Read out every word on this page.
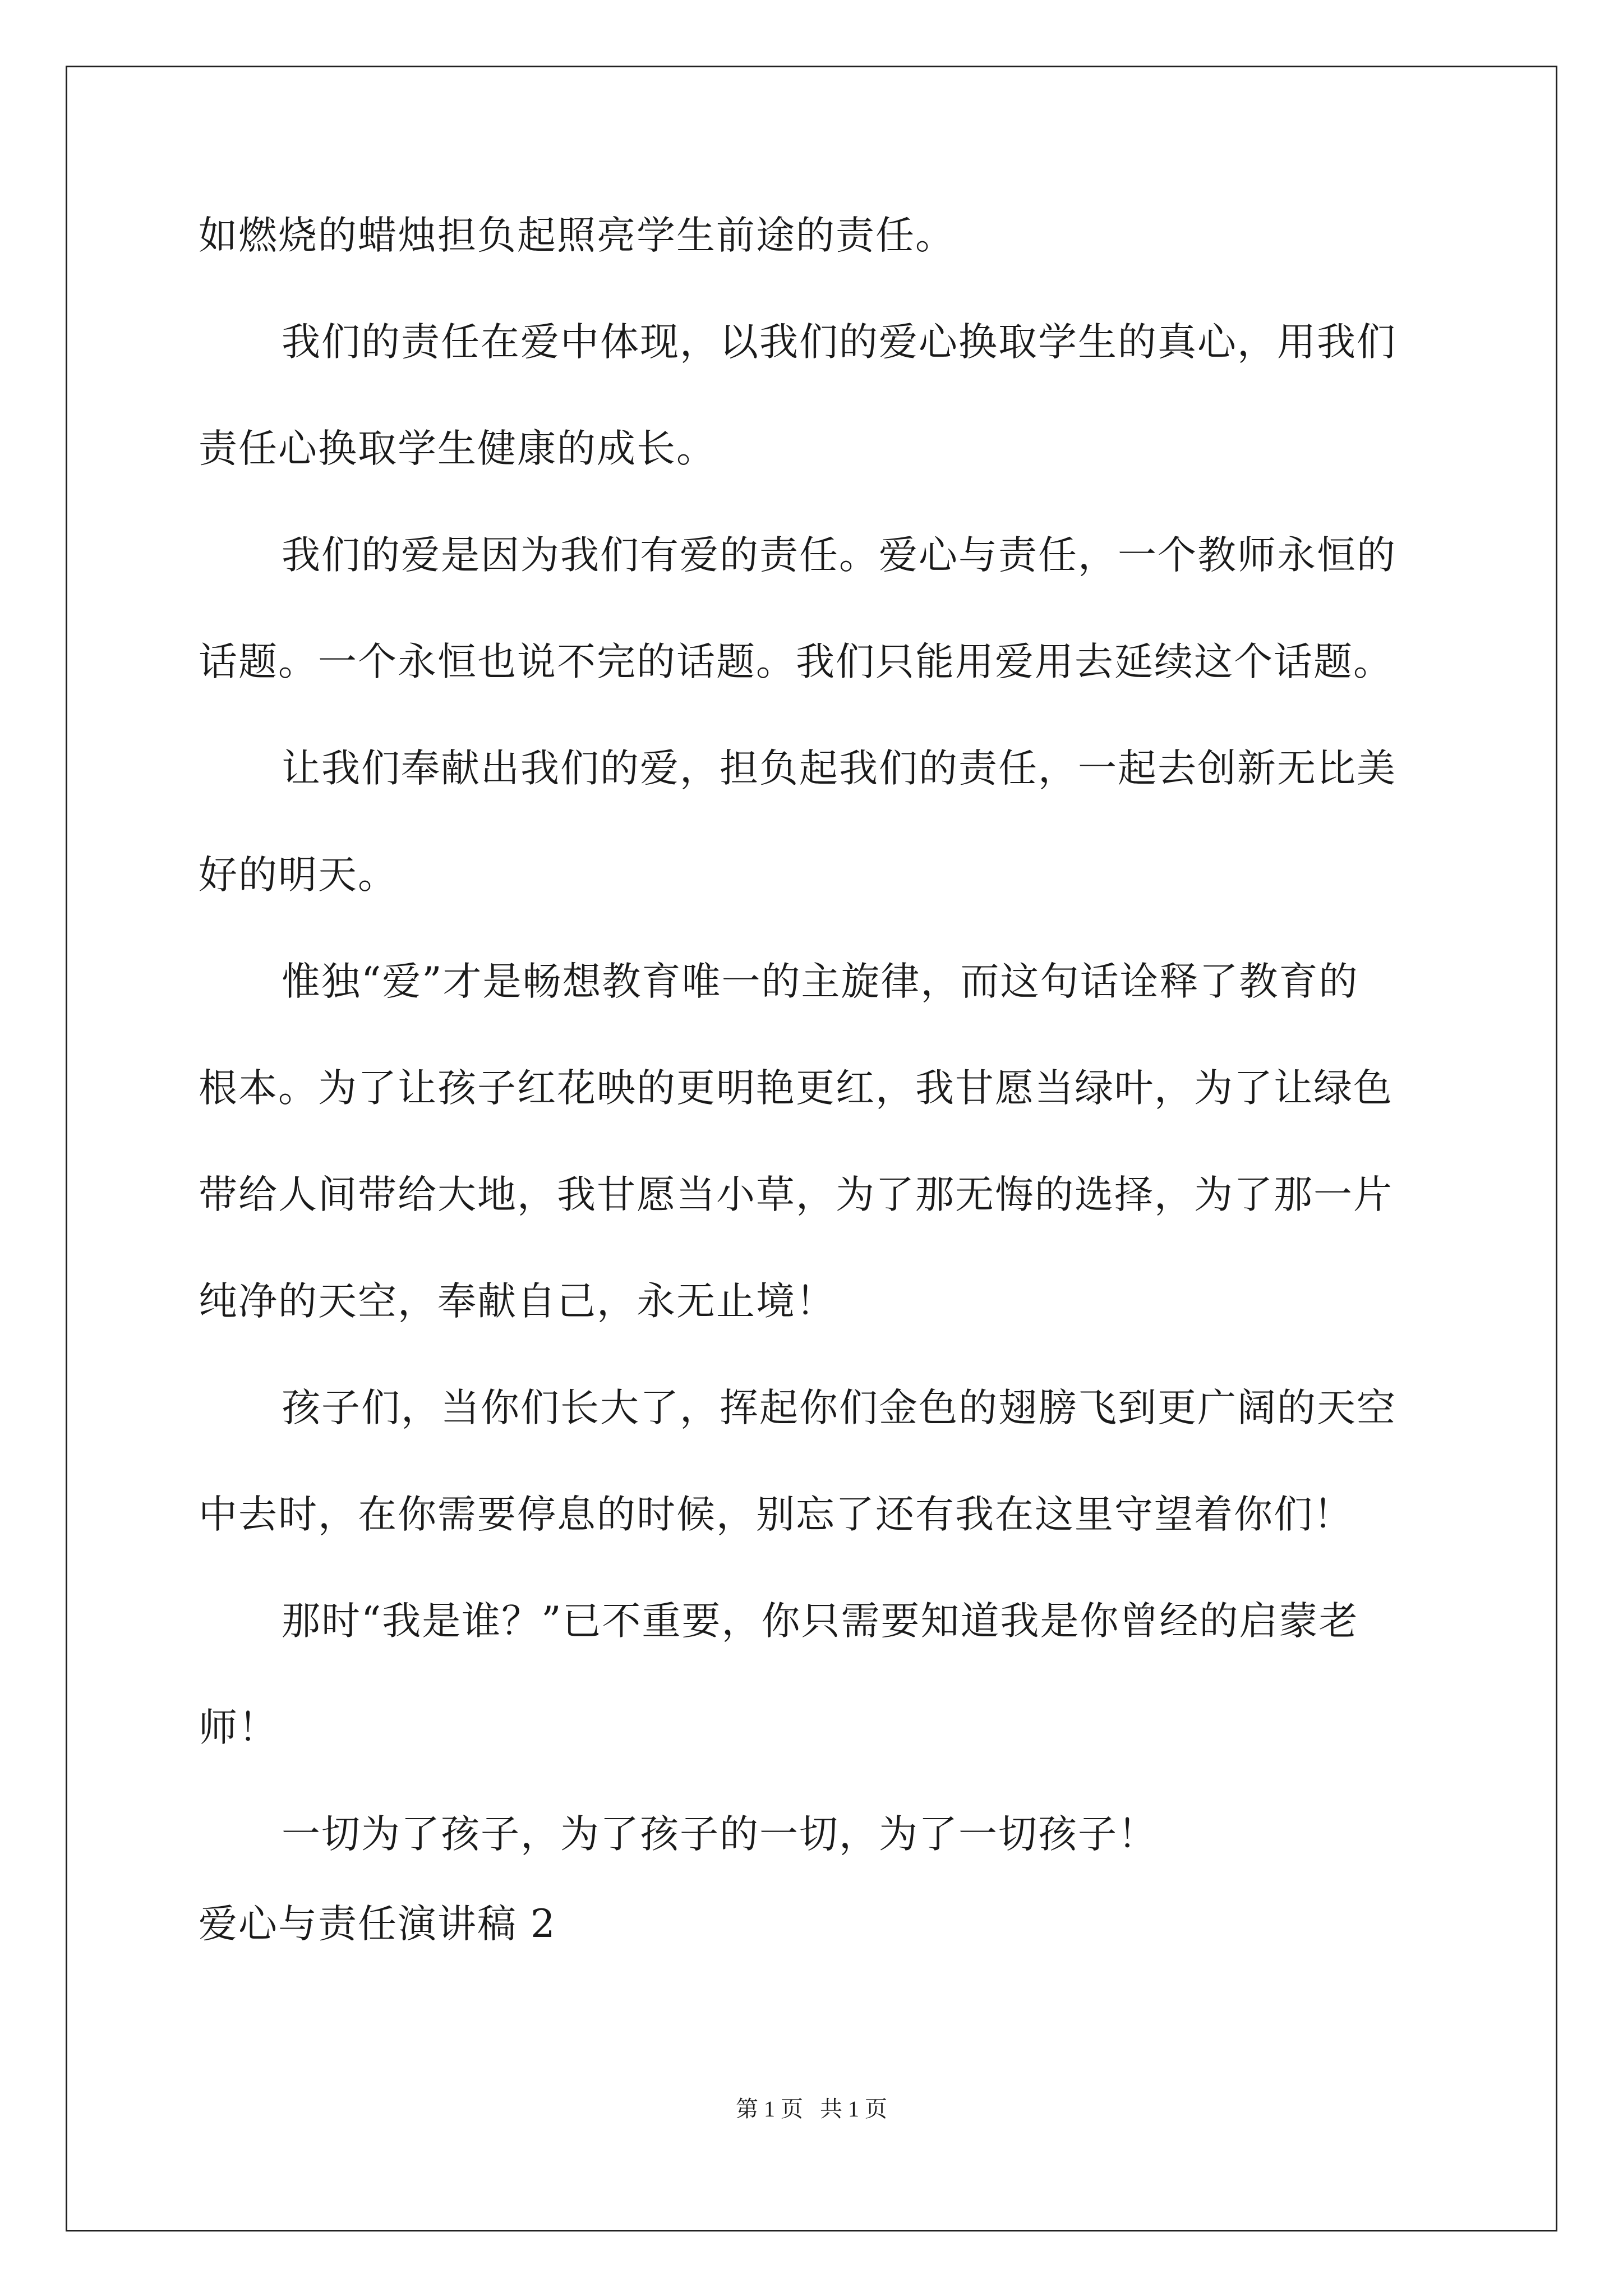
如燃烧的蜡烛担负起照亮学生前途的责任。
我们的责任在爱中体现，以我们的爱心换取学生的真心，用我们
责任心换取学生健康的成长。
我们的爱是因为我们有爱的责任。爱心与责任，一个教师永恒的
话题。一个永恒也说不完的话题。我们只能用爱用去延续这个话题。
让我们奉献出我们的爱，担负起我们的责任，一起去创新无比美
好的明天。
惟独“爱”才是畅想教育唯一的主旋律，而这句话诠释了教育的
根本。为了让孩子红花映的更明艳更红，我甘愿当绿叶，为了让绿色
带给人间带给大地，我甘愿当小草，为了那无悔的选择，为了那一片
纯净的天空，奉献自己，永无止境！
孩子们，当你们长大了，挥起你们金色的翅膀飞到更广阔的天空
中去时，在你需要停息的时候，别忘了还有我在这里守望着你们！
那时“我是谁？”已不重要，你只需要知道我是你曾经的启蒙老
师！
一切为了孩子，为了孩子的一切，为了一切孩子！
爱心与责任演讲稿 2
第 1 页   共 1 页
